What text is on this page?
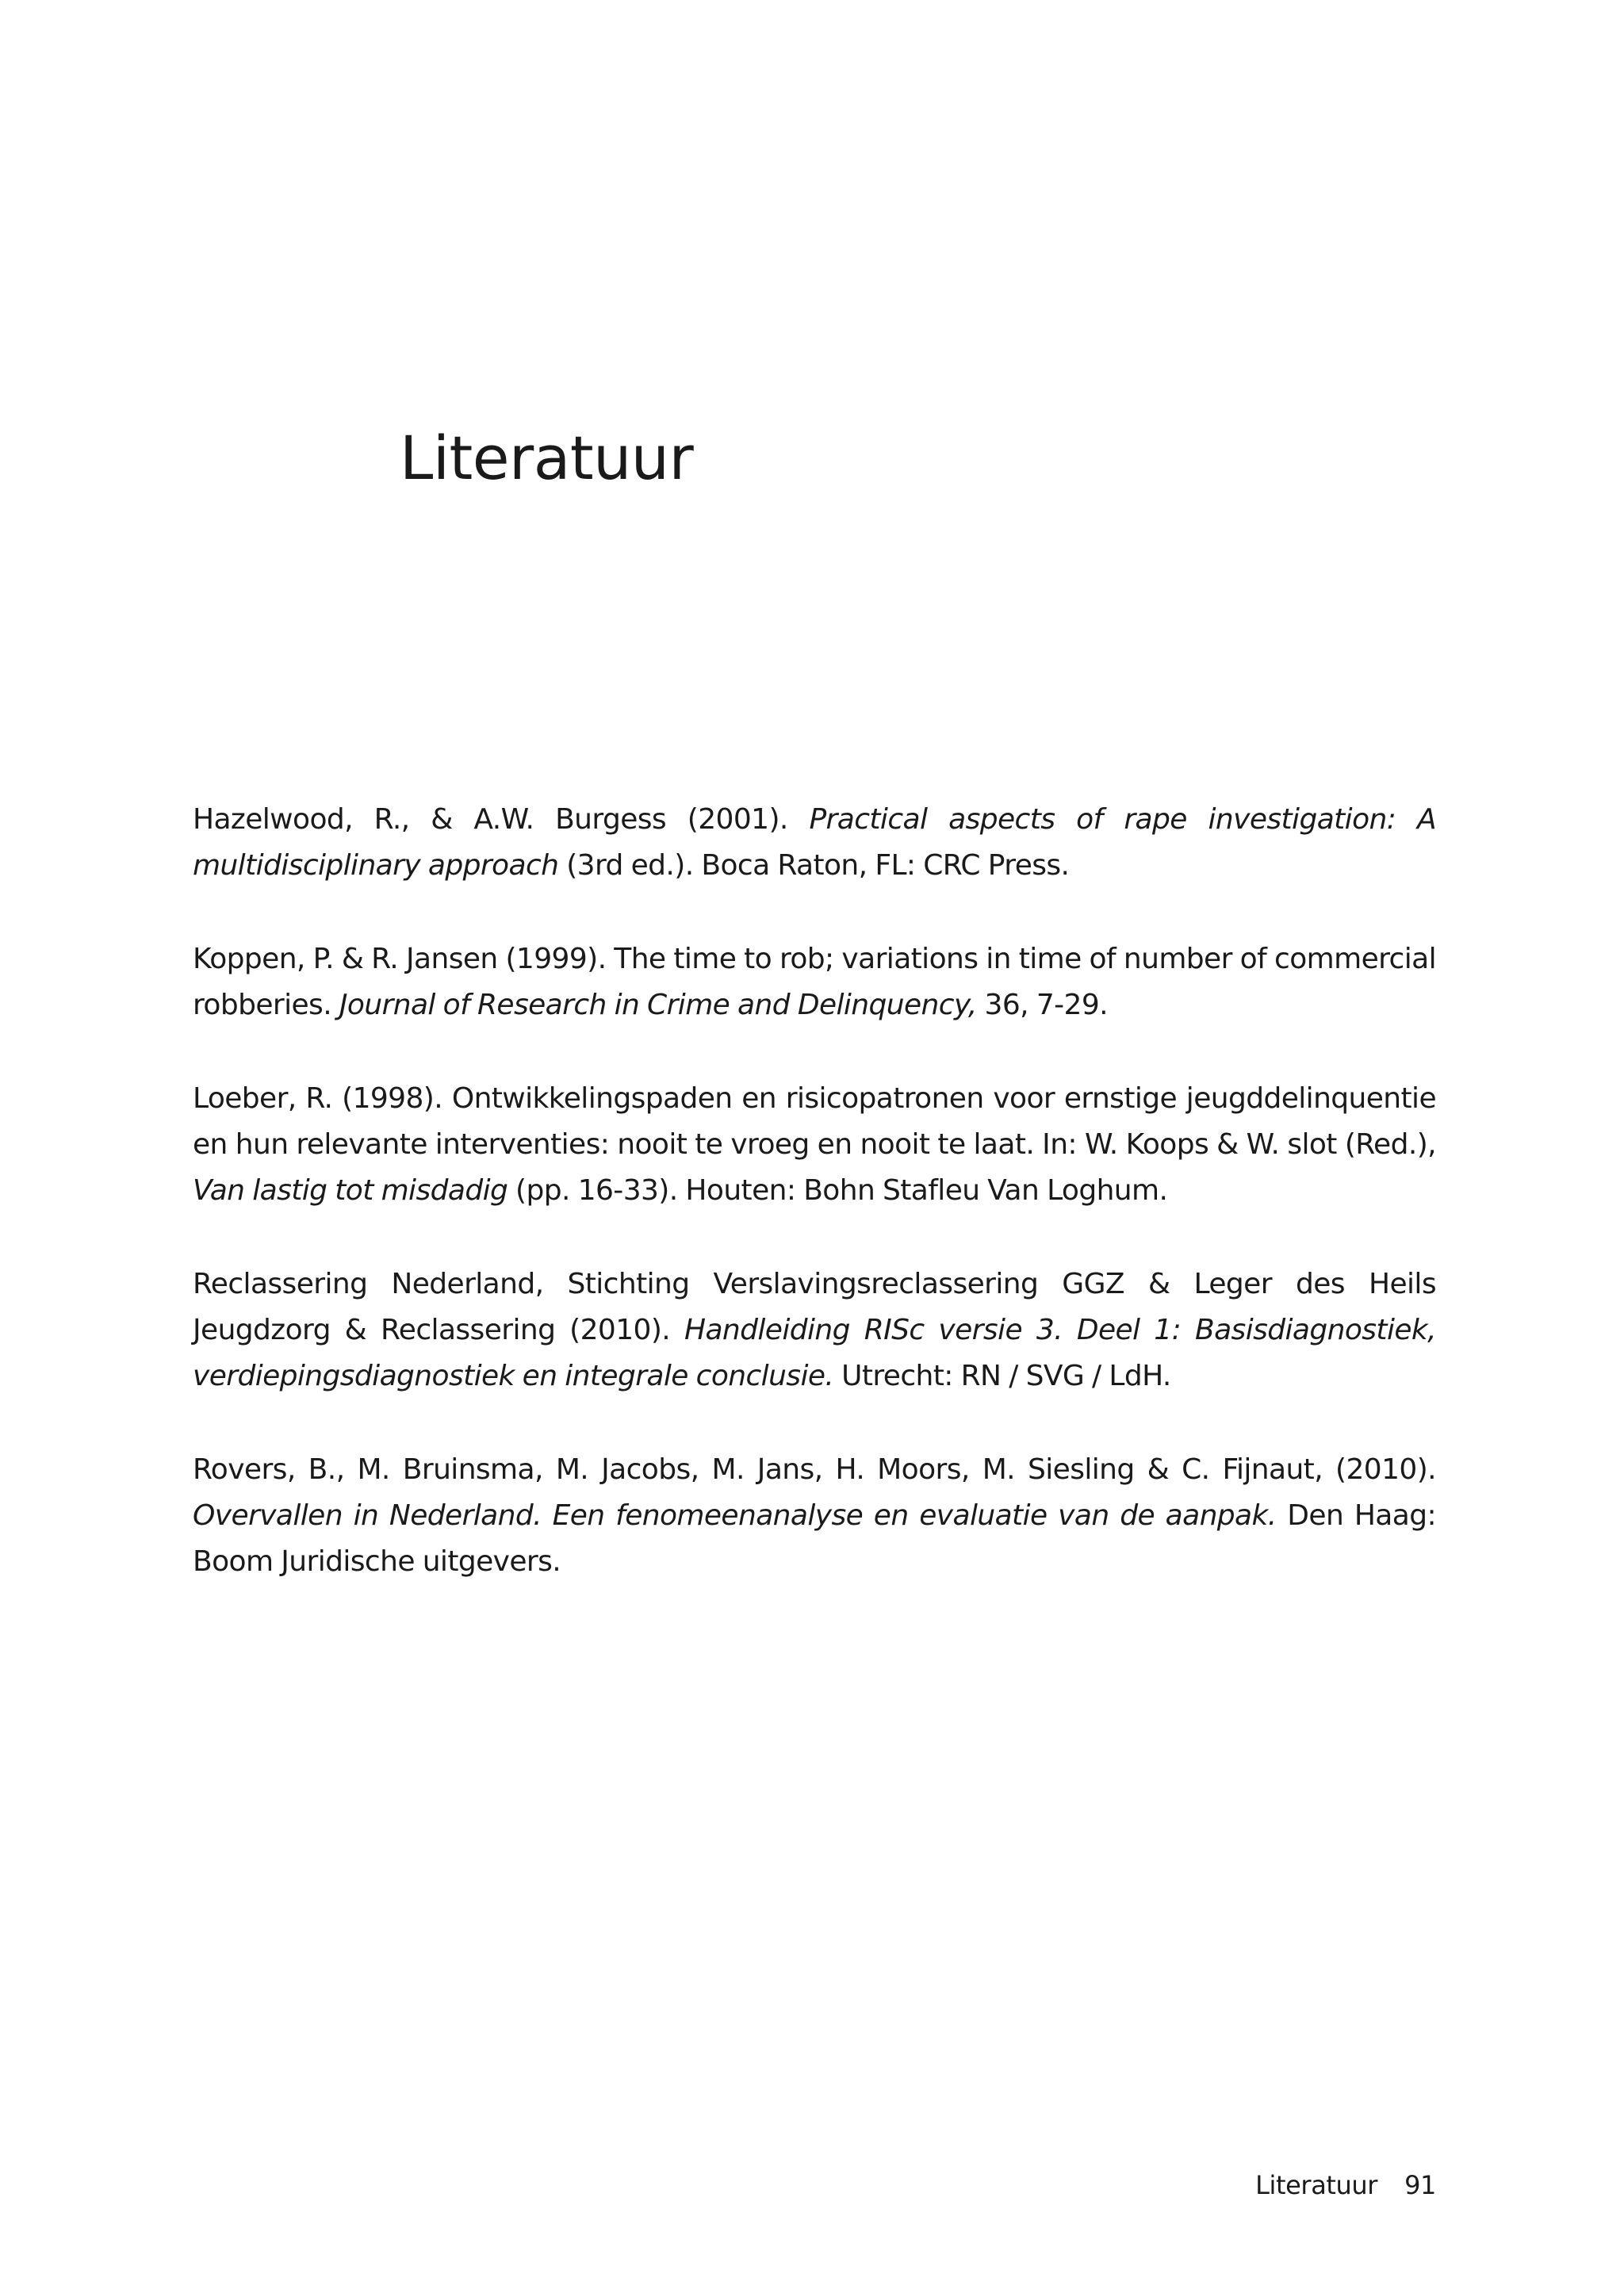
Literatuur
Hazelwood, R., & A.W. Burgess (2001). Practical aspects of rape investigation: A multidisciplinary approach (3rd ed.). Boca Raton, FL: CRC Press.
Koppen, P. & R. Jansen (1999). The time to rob; variations in time of number of commercial robberies. Journal of Research in Crime and Delinquency, 36, 7-29.
Loeber, R. (1998). Ontwikkelingspaden en risicopatronen voor ernstige jeugddelinquentie en hun relevante interventies: nooit te vroeg en nooit te laat. In: W. Koops & W. slot (Red.), Van lastig tot misdadig (pp. 16-33). Houten: Bohn Stafleu Van Loghum.
Reclassering Nederland, Stichting Verslavingsreclassering GGZ & Leger des Heils Jeugdzorg & Reclassering (2010). Handleiding RISc versie 3. Deel 1: Basisdiagnostiek, verdiepingsdiagnostiek en integrale conclusie. Utrecht: RN / SVG / LdH.
Rovers, B., M. Bruinsma, M. Jacobs, M. Jans, H. Moors, M. Siesling & C. Fijnaut, (2010). Overvallen in Nederland. Een fenomeenanalyse en evaluatie van de aanpak. Den Haag: Boom Juridische uitgevers.
Literatuur 91
